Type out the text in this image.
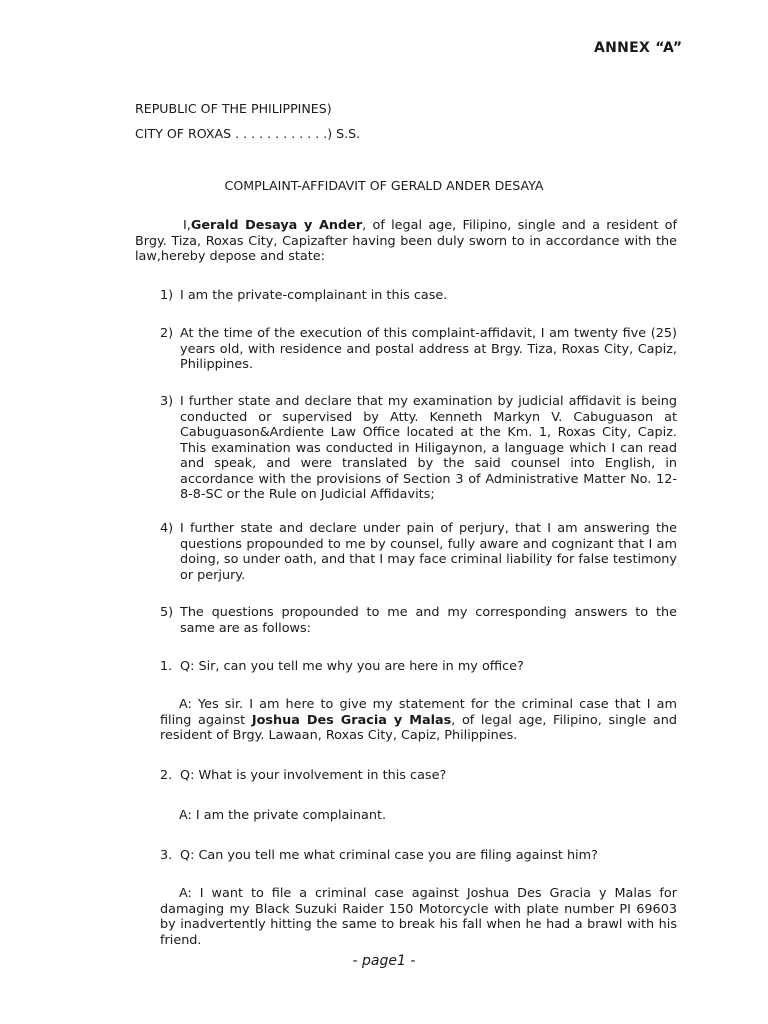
ANNEX “A”
REPUBLIC OF THE PHILIPPINES)
CITY OF ROXAS . . . . . . . . . . . .) S.S.
COMPLAINT-AFFIDAVIT OF GERALD ANDER DESAYA
I,Gerald Desaya y Ander, of legal age, Filipino, single and a resident of Brgy. Tiza, Roxas City, Capizafter having been duly sworn to in accordance with the law,hereby depose and state:
1) I am the private-complainant in this case.
2) At the time of the execution of this complaint-affidavit, I am twenty five (25) years old, with residence and postal address at Brgy. Tiza, Roxas City, Capiz, Philippines.
3) I further state and declare that my examination by judicial affidavit is being conducted or supervised by Atty. Kenneth Markyn V. Cabuguason at Cabuguason&Ardiente Law Office located at the Km. 1, Roxas City, Capiz. This examination was conducted in Hiligaynon, a language which I can read and speak, and were translated by the said counsel into English, in accordance with the provisions of Section 3 of Administrative Matter No. 12-8-8-SC or the Rule on Judicial Affidavits;
4) I further state and declare under pain of perjury, that I am answering the questions propounded to me by counsel, fully aware and cognizant that I am doing, so under oath, and that I may face criminal liability for false testimony or perjury.
5) The questions propounded to me and my corresponding answers to the same are as follows:
1. Q: Sir, can you tell me why you are here in my office?
A: Yes sir. I am here to give my statement for the criminal case that I am filing against Joshua Des Gracia y Malas, of legal age, Filipino, single and resident of Brgy. Lawaan, Roxas City, Capiz, Philippines.
2. Q: What is your involvement in this case?
A: I am the private complainant.
3. Q: Can you tell me what criminal case you are filing against him?
A: I want to file a criminal case against Joshua Des Gracia y Malas for damaging my Black Suzuki Raider 150 Motorcycle with plate number PI 69603 by inadvertently hitting the same to break his fall when he had a brawl with his friend.
- page1 -
